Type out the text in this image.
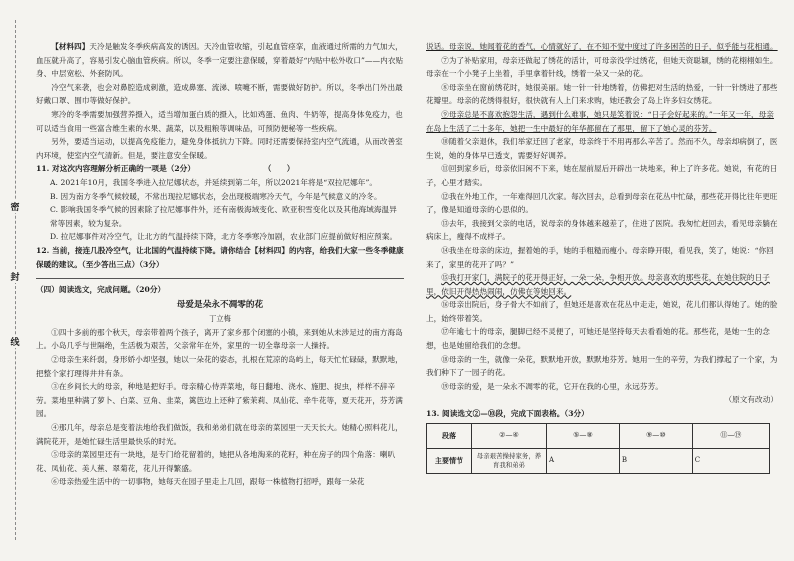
密
封
线

【材料四】天冷是触发冬季疾病高发的诱因。天冷血管收缩，引起血管痉挛，血液通过所需的力气加大，血压就升高了，容易引发心脑血管疾病。所以，冬季一定要注意保暖，穿着最好“内贴中松外收口”——内衣贴身、中层宽松、外套防风。

冷空气来袭，也会对鼻腔造成刺激，造成鼻塞、流涕、喷嚏不断，需要做好防护。所以，冬季出门外出最好戴口罩、围巾等做好保护。

寒冷的冬季需要加强营养摄入，适当增加蛋白质的摄入，比如鸡蛋、鱼肉、牛奶等，提高身体免疫力，也可以适当食用一些富含维生素的水果、蔬菜，以及粗粮等调味品，可预防便秘等一些疾病。

另外，要适当运动，以提高免疫能力，避免身体抵抗力下降。同时还需要保持室内空气流通，从而改善室内环境，使室内空气清新。但是，要注意安全保暖。

11. 对这次内容理解分析正确的一项是（2分）　　　　　　　　　　（　　）

A. 2021年10月，我国冬季进入拉尼娜状态，并延续到第二年，所以2021年将是“双拉尼娜年”。

B. 因为南方冬季气候较暖，不常出现拉尼娜状态，会出现极端寒冷天气，今年是气候意义的冷冬。

C. 影响我国冬季气候的因素除了拉尼娜事件外，还有南极海域变化、欧亚积雪变化以及其他海域海温异常等因素，较为复杂。

D. 拉尼娜事件对冷空气，让北方的气温持续下降，北方冬季寒冷加剧，农业部门应提前做好相应预案。

12. 当前，接连几股冷空气，让北国的气温持续下降。请你结合【材料四】的内容，给我们大家一些冬季健康保暖的建议。（至少答出三点）（3分）

（四）阅读选文，完成问题。（20分）

母爱是朵永不凋零的花

丁立梅

①四十多前的那个秋天，母亲带着两个孩子，离开了家乡那个闭塞的小镇，来到她从未涉足过的南方海岛上。小岛几乎与世隔绝，生活极为艰苦，父亲常年在外，家里的一切全靠母亲一人操持。

②母亲生来纤弱，身形娇小却坚强，她以一朵花的姿态，扎根在荒凉的岛屿上，每天忙忙碌碌，默默地，把整个家打理得井井有条。

③在乡间长大的母亲，种地是把好手。母亲精心侍弄菜地，每日翻地、浇水、施肥、捉虫，样样不辞辛劳。菜地里种满了萝卜、白菜、豆角、韭菜，篱笆边上还种了紫茉莉、凤仙花、牵牛花等，夏天花开，芬芳满园。

④那几年，母亲总是变着法地给我们做饭，我和弟弟们就在母亲的菜园里一天天长大。她精心照料花儿，满院花开，是她忙碌生活里最快乐的时光。

⑤母亲的菜园里还有一块地，是专门给花留着的，她把从各地淘来的花籽，种在房子的四个角落：喇叭花、凤仙花、美人蕉、翠菊花，花儿开得繁盛。

⑥母亲热爱生活中的一切事物，她每天在园子里走上几回，跟每一株植物打招呼，跟每一朵花

说话。母亲说，她闻着花的香气，心情就好了，在不知不觉中度过了许多困苦的日子，似乎能与花相通。

⑦为了补贴家用，母亲还做起了绣花的活计，可母亲没学过绣花，但她天资聪颖，绣的花栩栩如生。母亲在一个小凳子上坐着，手里拿着针线，绣着一朵又一朵的花。

⑧母亲坐在窗前绣花时，她很美丽。她一针一针地绣着，仿佛把对生活的热爱，一针一针绣进了那些花瓣里。母亲的花绣得很好，很快就有人上门来求购，她还教会了岛上许多妇女绣花。

⑨母亲总是不喜欢抱怨生活，遇到什么难事，她只是笑着说：“日子会好起来的。”一年又一年，母亲在岛上生活了二十多年，她把一生中最好的年华都留在了那里，留下了她心灵的芬芳。

⑩随着父亲退休，我们举家迁回了老家，母亲终于不用再那么辛苦了。然而不久，母亲却病倒了，医生说，她的身体早已透支，需要好好调养。

⑪回到家乡后，母亲依旧闲不下来，她在屋前屋后开辟出一块地来，种上了许多花。她说，有花的日子，心里才踏实。

⑫我在外地工作，一年难得回几次家。每次回去，总看到母亲在花丛中忙碌，那些花开得比往年更旺了，像是知道母亲的心思似的。

⑬去年，我接到父亲的电话，说母亲的身体越来越差了，住进了医院。我匆忙赶回去，看见母亲躺在病床上，瘦得不成样子。

⑭我坐在母亲的床边，握着她的手，她的手粗糙而瘦小。母亲睁开眼，看见我，笑了，她说：“你回来了，家里的花开了吗？”

⑮我打开家门，满院子的花开得正好，一朵一朵，争相开放。母亲喜欢的那些花，在她住院的日子里，依旧开得热热闹闹，仿佛在等她回来。

⑯母亲出院后，身子骨大不如前了，但她还是喜欢在花丛中走走，她说，花儿们都认得她了。她的脸上，始终带着笑。

⑰年逾七十的母亲，腿脚已经不灵便了，可她还是坚持每天去看看她的花。那些花，是她一生的念想，也是她留给我们的念想。

⑱母亲的一生，就像一朵花，默默地开放，默默地芬芳。她用一生的辛劳，为我们撑起了一个家，为我们种下了一园子的花。

⑲母亲的爱，是一朵永不凋零的花，它开在我的心里，永远芬芳。

（原文有改动）

13. 阅读选文②—⑩段，完成下面表格。（3分）

段落	②—④	⑤—⑧	⑨—⑩	⑪—⑲
主要情节	母亲艰苦操持家务，养育我和弟弟	A	B	C
